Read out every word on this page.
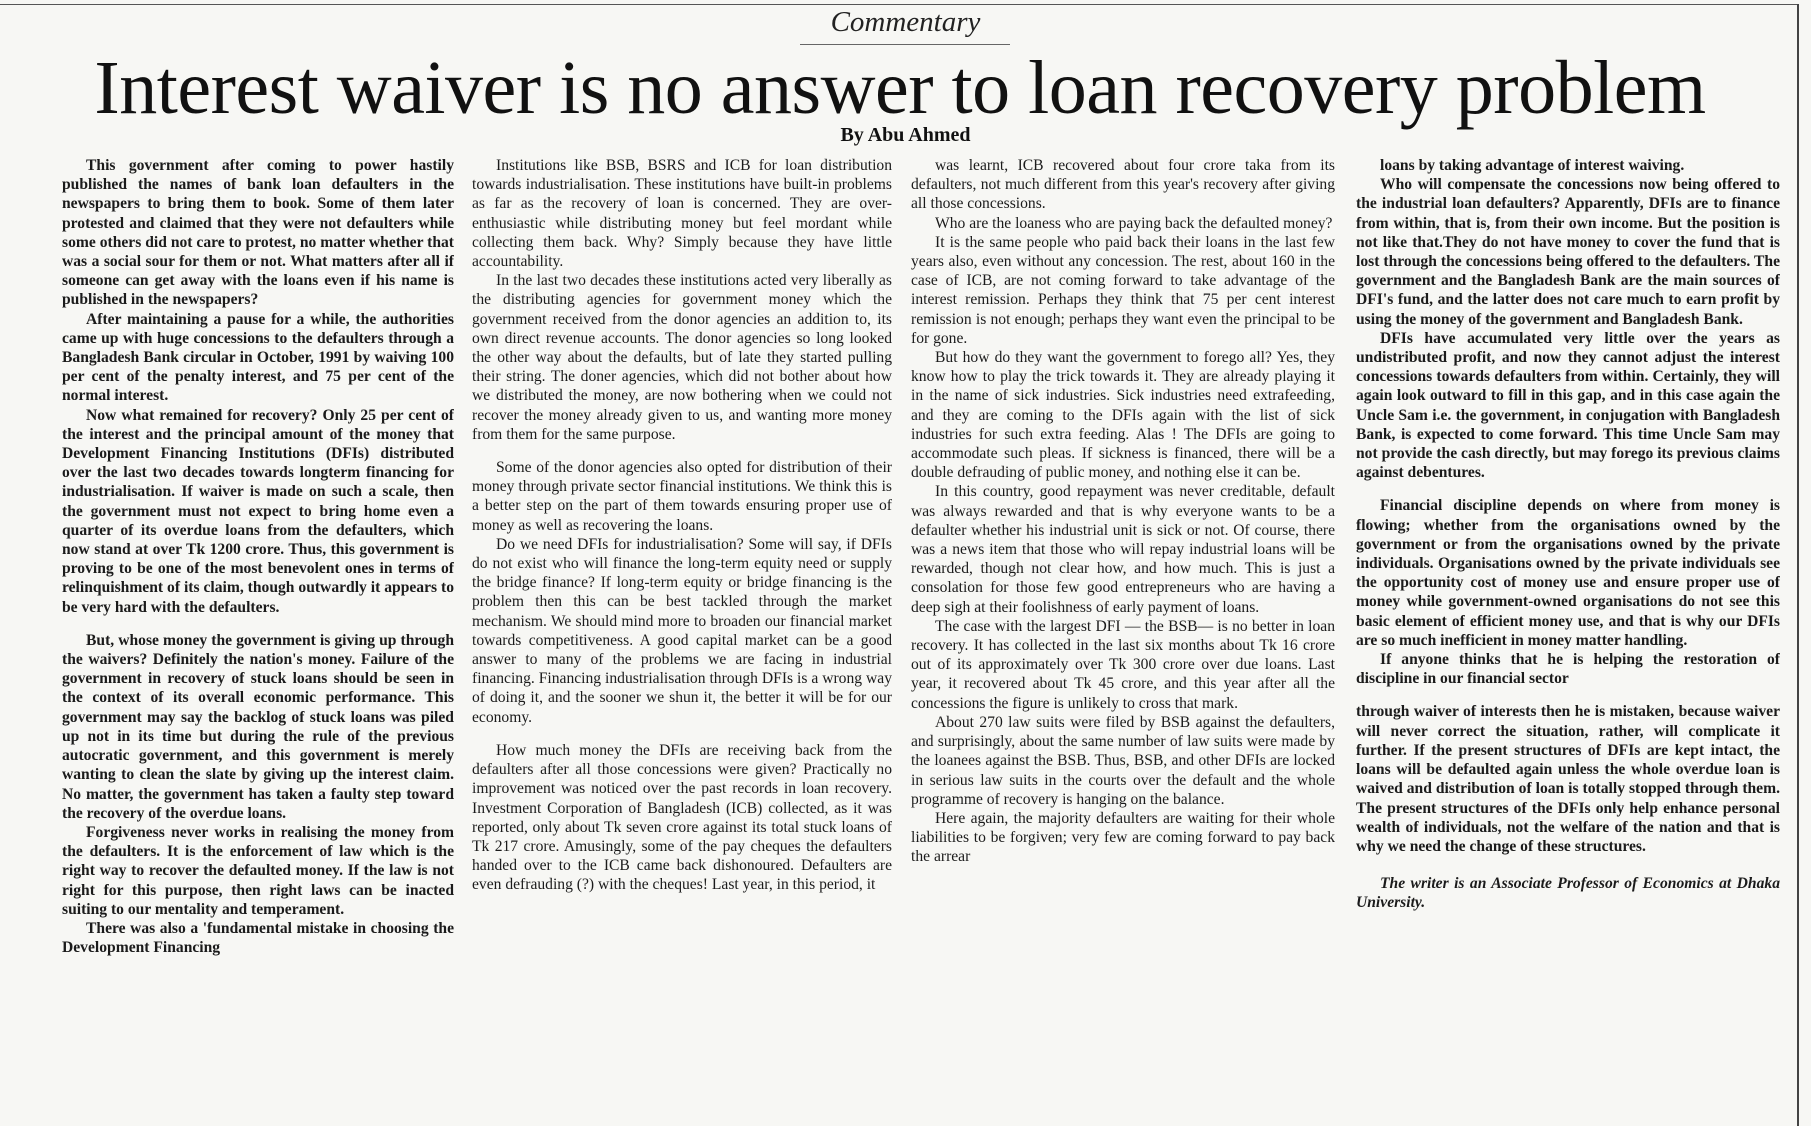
Commentary
Interest waiver is no answer to loan recovery problem
By Abu Ahmed

This government after coming to power hastily published the names of bank loan defaulters in the newspapers to bring them to book. Some of them later protested and claimed that they were not defaulters while some others did not care to protest, no matter whether that was a social sour for them or not. What matters after all if someone can get away with the loans even if his name is published in the newspapers?

After maintaining a pause for a while, the authorities came up with huge concessions to the defaulters through a Bangladesh Bank circular in October, 1991 by waiving 100 per cent of the penalty interest, and 75 per cent of the normal interest.

Now what remained for recovery? Only 25 per cent of the interest and the principal amount of the money that Development Financing Institutions (DFIs) distributed over the last two decades towards longterm financing for industrialisation. If waiver is made on such a scale, then the government must not expect to bring home even a quarter of its overdue loans from the defaulters, which now stand at over Tk 1200 crore. Thus, this government is proving to be one of the most benevolent ones in terms of relinquishment of its claim, though outwardly it appears to be very hard with the defaulters.

But, whose money the government is giving up through the waivers? Definitely the nation's money. Failure of the government in recovery of stuck loans should be seen in the context of its overall economic performance. This government may say the backlog of stuck loans was piled up not in its time but during the rule of the previous autocratic government, and this government is merely wanting to clean the slate by giving up the interest claim. No matter, the government has taken a faulty step toward the recovery of the overdue loans.

Forgiveness never works in realising the money from the defaulters. It is the enforcement of law which is the right way to recover the defaulted money. If the law is not right for this purpose, then right laws can be inacted suiting to our mentality and temperament.

There was also a 'fundamental mistake in choosing the Development Financing

Institutions like BSB, BSRS and ICB for loan distribution towards industrialisation. These institutions have built-in problems as far as the recovery of loan is concerned. They are over-enthusiastic while distributing money but feel mordant while collecting them back. Why? Simply because they have little accountability.

In the last two decades these institutions acted very liberally as the distributing agencies for government money which the government received from the donor agencies an addition to, its own direct revenue accounts. The donor agencies so long looked the other way about the defaults, but of late they started pulling their string. The doner agencies, which did not bother about how we distributed the money, are now bothering when we could not recover the money already given to us, and wanting more money from them for the same purpose.

Some of the donor agencies also opted for distribution of their money through private sector financial institutions. We think this is a better step on the part of them towards ensuring proper use of money as well as recovering the loans.

Do we need DFIs for industrialisation? Some will say, if DFIs do not exist who will finance the long-term equity need or supply the bridge finance? If long-term equity or bridge financing is the problem then this can be best tackled through the market mechanism. We should mind more to broaden our financial market towards competitiveness. A good capital market can be a good answer to many of the problems we are facing in industrial financing. Financing industrialisation through DFIs is a wrong way of doing it, and the sooner we shun it, the better it will be for our economy.

How much money the DFIs are receiving back from the defaulters after all those concessions were given? Practically no improvement was noticed over the past records in loan recovery. Investment Corporation of Bangladesh (ICB) collected, as it was reported, only about Tk seven crore against its total stuck loans of Tk 217 crore. Amusingly, some of the pay cheques the defaulters handed over to the ICB came back dishonoured. Defaulters are even defrauding (?) with the cheques! Last year, in this period, it

was learnt, ICB recovered about four crore taka from its defaulters, not much different from this year's recovery after giving all those concessions.

Who are the loaness who are paying back the defaulted money?

It is the same people who paid back their loans in the last few years also, even without any concession. The rest, about 160 in the case of ICB, are not coming forward to take advantage of the interest remission. Perhaps they think that 75 per cent interest remission is not enough; perhaps they want even the principal to be for gone.

But how do they want the government to forego all? Yes, they know how to play the trick towards it. They are already playing it in the name of sick industries. Sick industries need extrafeeding, and they are coming to the DFIs again with the list of sick industries for such extra feeding. Alas ! The DFIs are going to accommodate such pleas. If sickness is financed, there will be a double defrauding of public money, and nothing else it can be.

In this country, good repayment was never creditable, default was always rewarded and that is why everyone wants to be a defaulter whether his industrial unit is sick or not. Of course, there was a news item that those who will repay industrial loans will be rewarded, though not clear how, and how much. This is just a consolation for those few good entrepreneurs who are having a deep sigh at their foolishness of early payment of loans.

The case with the largest DFI — the BSB— is no better in loan recovery. It has collected in the last six months about Tk 16 crore out of its approximately over Tk 300 crore over due loans. Last year, it recovered about Tk 45 crore, and this year after all the concessions the figure is unlikely to cross that mark.

About 270 law suits were filed by BSB against the defaulters, and surprisingly, about the same number of law suits were made by the loanees against the BSB. Thus, BSB, and other DFIs are locked in serious law suits in the courts over the default and the whole programme of recovery is hanging on the balance.

Here again, the majority defaulters are waiting for their whole liabilities to be forgiven; very few are coming forward to pay back the arrear

loans by taking advantage of interest waiving.

Who will compensate the concessions now being offered to the industrial loan defaulters? Apparently, DFIs are to finance from within, that is, from their own income. But the position is not like that.They do not have money to cover the fund that is lost through the concessions being offered to the defaulters. The government and the Bangladesh Bank are the main sources of DFI's fund, and the latter does not care much to earn profit by using the money of the government and Bangladesh Bank.

DFIs have accumulated very little over the years as undistributed profit, and now they cannot adjust the interest concessions towards defaulters from within. Certainly, they will again look outward to fill in this gap, and in this case again the Uncle Sam i.e. the government, in conjugation with Bangladesh Bank, is expected to come forward. This time Uncle Sam may not provide the cash directly, but may forego its previous claims against debentures.

Financial discipline depends on where from money is flowing; whether from the organisations owned by the government or from the organisations owned by the private individuals. Organisations owned by the private individuals see the opportunity cost of money use and ensure proper use of money while government-owned organisations do not see this basic element of efficient money use, and that is why our DFIs are so much inefficient in money matter handling.

If anyone thinks that he is helping the restoration of discipline in our financial sector

through waiver of interests then he is mistaken, because waiver will never correct the situation, rather, will complicate it further. If the present structures of DFIs are kept intact, the loans will be defaulted again unless the whole overdue loan is waived and distribution of loan is totally stopped through them. The present structures of the DFIs only help enhance personal wealth of individuals, not the welfare of the nation and that is why we need the change of these structures.

The writer is an Associate Professor of Economics at Dhaka University.
